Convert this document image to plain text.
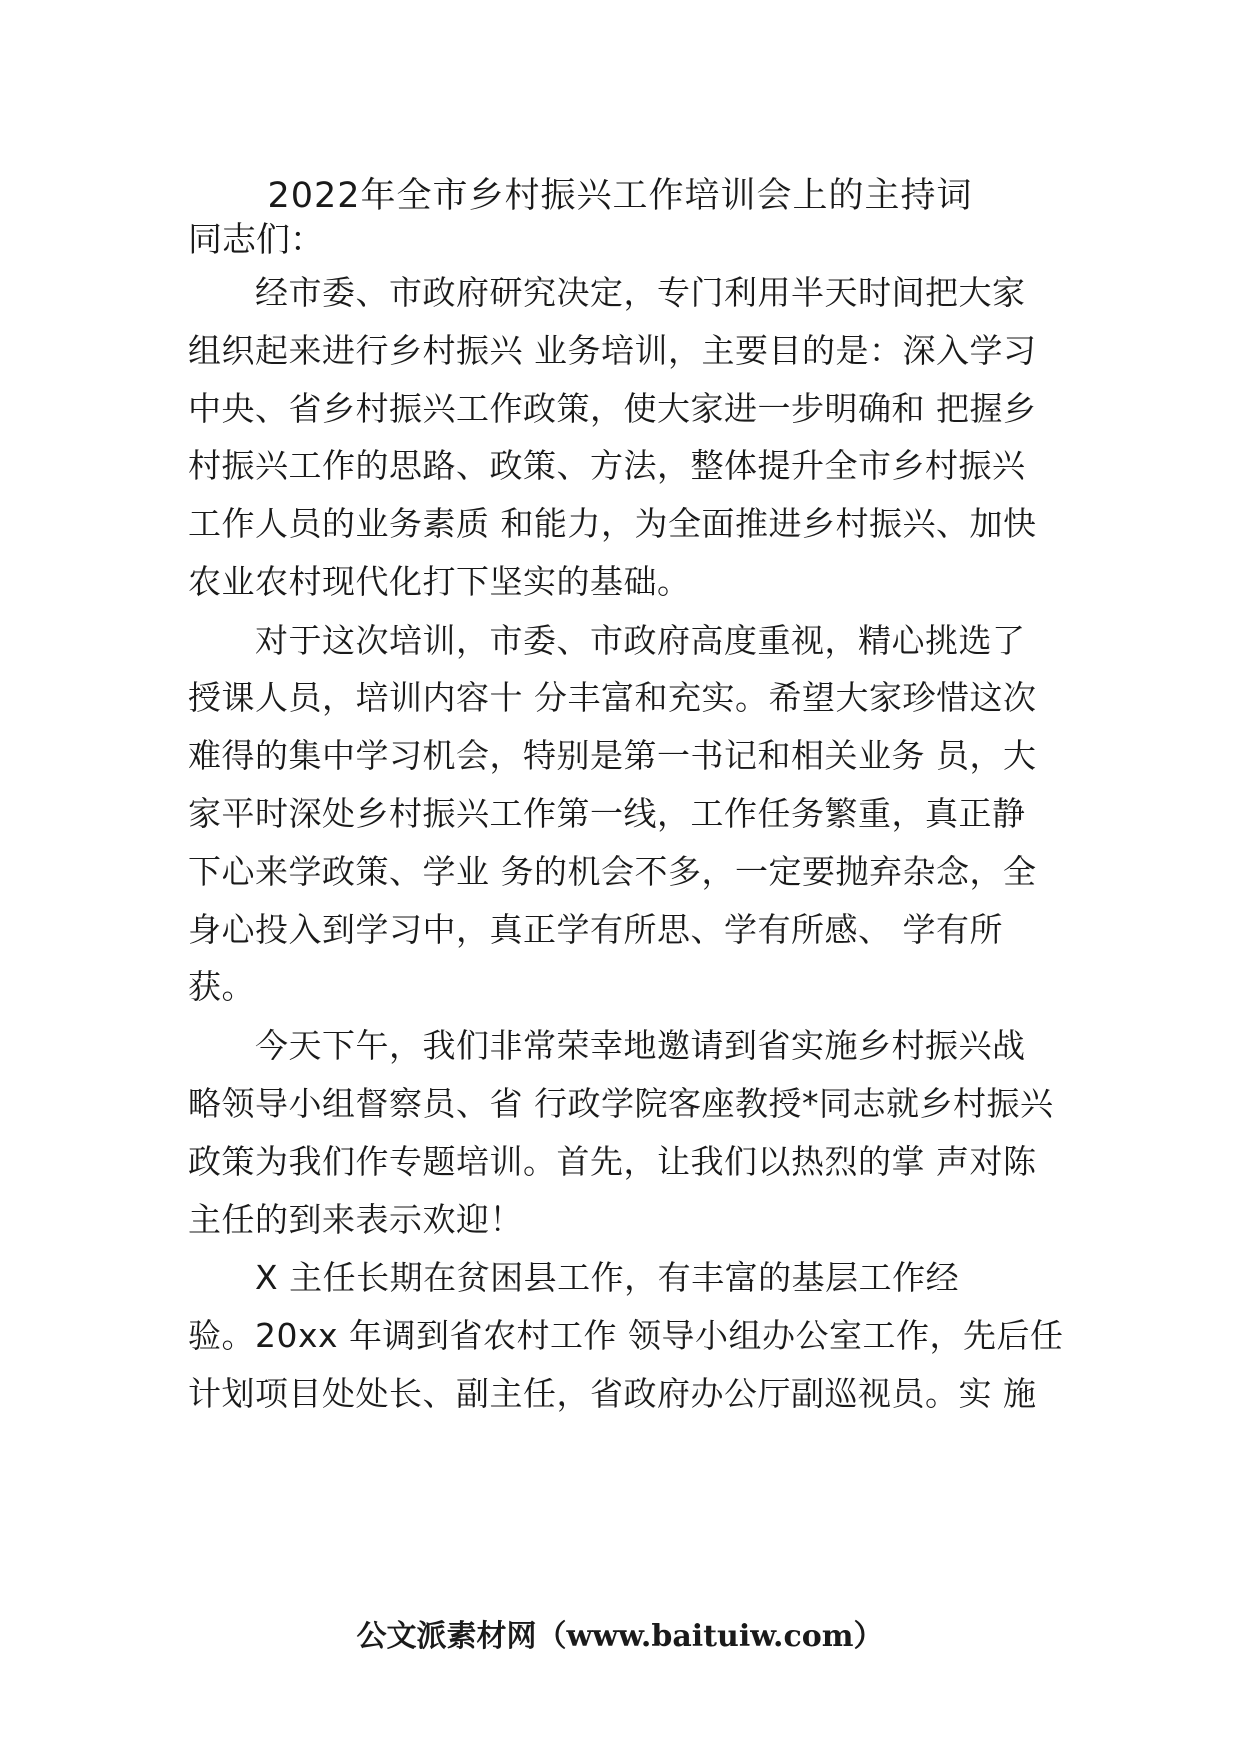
2022年全市乡村振兴工作培训会上的主持词

同志们：

　　经市委、市政府研究决定，专门利用半天时间把大家

组织起来进行乡村振兴 业务培训，主要目的是：深入学习

中央、省乡村振兴工作政策，使大家进一步明确和 把握乡

村振兴工作的思路、政策、方法，整体提升全市乡村振兴

工作人员的业务素质 和能力，为全面推进乡村振兴、加快

农业农村现代化打下坚实的基础。

　　对于这次培训，市委、市政府高度重视，精心挑选了

授课人员，培训内容十 分丰富和充实。希望大家珍惜这次

难得的集中学习机会，特别是第一书记和相关业务 员，大

家平时深处乡村振兴工作第一线，工作任务繁重，真正静

下心来学政策、学业 务的机会不多，一定要抛弃杂念，全

身心投入到学习中，真正学有所思、学有所感、 学有所

获。

　　今天下午，我们非常荣幸地邀请到省实施乡村振兴战

略领导小组督察员、省 行政学院客座教授*同志就乡村振兴

政策为我们作专题培训。首先，让我们以热烈的掌 声对陈

主任的到来表示欢迎！

　　X 主任长期在贫困县工作，有丰富的基层工作经

验。20xx 年调到省农村工作 领导小组办公室工作，先后任

计划项目处处长、副主任，省政府办公厅副巡视员。实 施

公文派素材网（www.baituiw.com）
